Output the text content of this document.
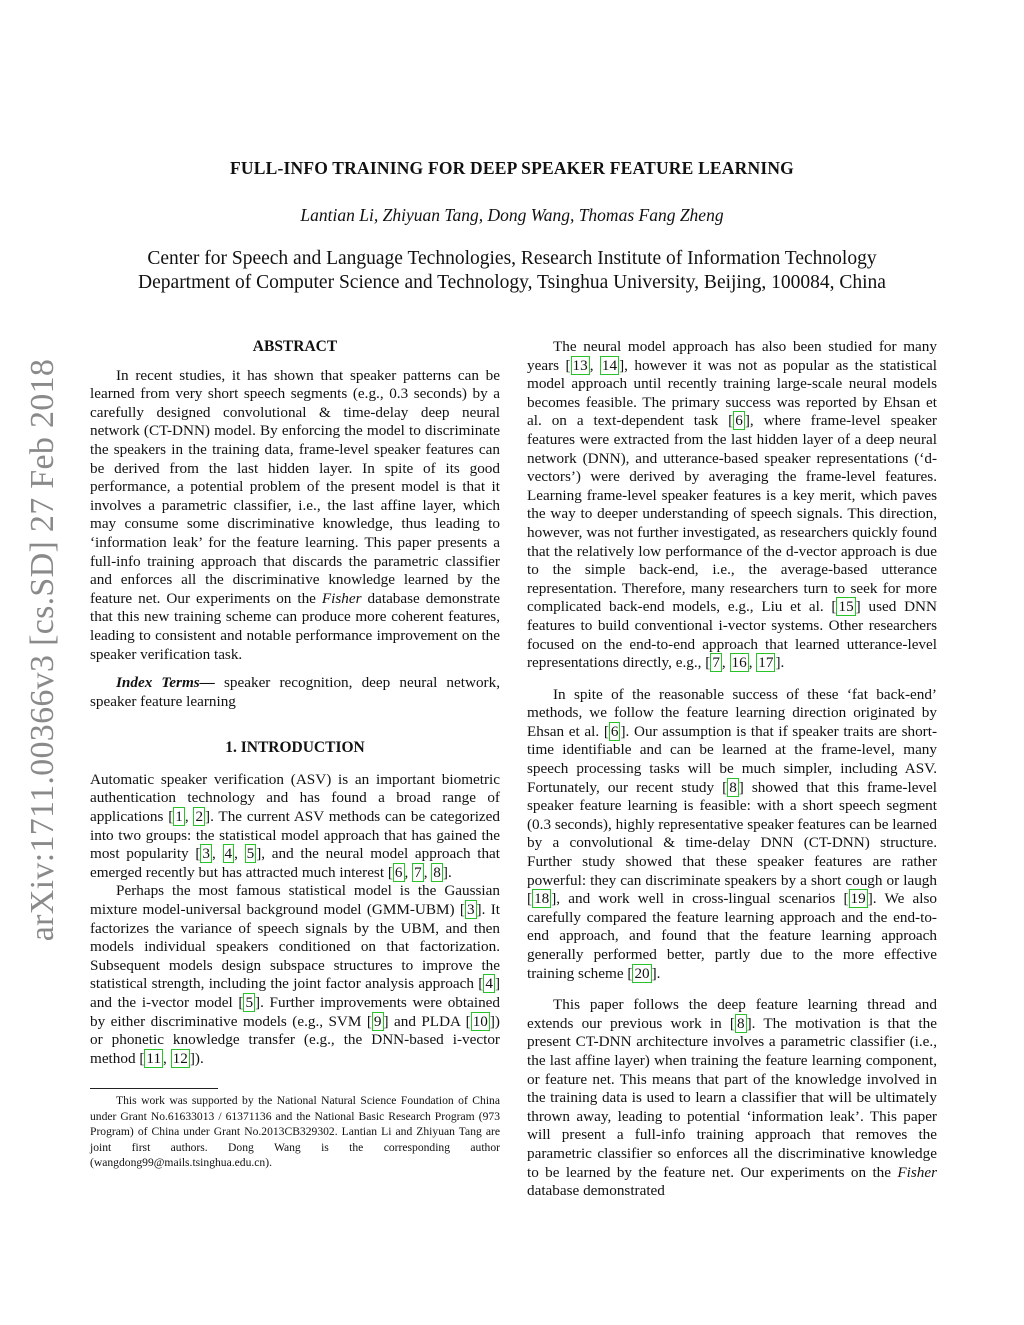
arXiv:1711.00366v3 [cs.SD] 27 Feb 2018
FULL-INFO TRAINING FOR DEEP SPEAKER FEATURE LEARNING
Lantian Li, Zhiyuan Tang, Dong Wang, Thomas Fang Zheng
Center for Speech and Language Technologies, Research Institute of Information Technology
Department of Computer Science and Technology, Tsinghua University, Beijing, 100084, China

ABSTRACT

In recent studies, it has shown that speaker patterns can be learned from very short speech segments (e.g., 0.3 seconds) by a carefully designed convolutional & time-delay deep neural network (CT-DNN) model. By enforcing the model to discriminate the speakers in the training data, frame-level speaker features can be derived from the last hidden layer. In spite of its good performance, a potential problem of the present model is that it involves a parametric classifier, i.e., the last affine layer, which may consume some discriminative knowledge, thus leading to ‘information leak’ for the feature learning. This paper presents a full-info training approach that discards the parametric classifier and enforces all the discriminative knowledge learned by the feature net. Our experiments on the Fisher database demonstrate that this new training scheme can produce more coherent features, leading to consistent and notable performance improvement on the speaker verification task.

Index Terms— speaker recognition, deep neural network, speaker feature learning

1. INTRODUCTION

Automatic speaker verification (ASV) is an important biometric authentication technology and has found a broad range of applications [ 1 , 2 ]. The current ASV methods can be categorized into two groups: the statistical model approach that has gained the most popularity [ 3 , 4 , 5 ], and the neural model approach that emerged recently but has attracted much interest [ 6 , 7 , 8 ].

Perhaps the most famous statistical model is the Gaussian mixture model-universal background model (GMM-UBM) [ 3 ]. It factorizes the variance of speech signals by the UBM, and then models individual speakers conditioned on that factorization. Subsequent models design subspace structures to improve the statistical strength, including the joint factor analysis approach [ 4 ] and the i-vector model [ 5 ]. Further improvements were obtained by either discriminative models (e.g., SVM [ 9 ] and PLDA [ 10 ]) or phonetic knowledge transfer (e.g., the DNN-based i-vector method [ 11 , 12 ]).

This work was supported by the National Natural Science Foundation of China under Grant No.61633013 / 61371136 and the National Basic Research Program (973 Program) of China under Grant No.2013CB329302. Lantian Li and Zhiyuan Tang are joint first authors. Dong Wang is the corresponding author (wangdong99@mails.tsinghua.edu.cn).

The neural model approach has also been studied for many years [ 13 , 14 ], however it was not as popular as the statistical model approach until recently training large-scale neural models becomes feasible. The primary success was reported by Ehsan et al. on a text-dependent task [ 6 ], where frame-level speaker features were extracted from the last hidden layer of a deep neural network (DNN), and utterance-based speaker representations (‘d-vectors’) were derived by averaging the frame-level features. Learning frame-level speaker features is a key merit, which paves the way to deeper understanding of speech signals. This direction, however, was not further investigated, as researchers quickly found that the relatively low performance of the d-vector approach is due to the simple back-end, i.e., the average-based utterance representation. Therefore, many researchers turn to seek for more complicated back-end models, e.g., Liu et al. [ 15 ] used DNN features to build conventional i-vector systems. Other researchers focused on the end-to-end approach that learned utterance-level representations directly, e.g., [ 7 , 16 , 17 ].

In spite of the reasonable success of these ‘fat back-end’ methods, we follow the feature learning direction originated by Ehsan et al. [ 6 ]. Our assumption is that if speaker traits are short-time identifiable and can be learned at the frame-level, many speech processing tasks will be much simpler, including ASV. Fortunately, our recent study [ 8 ] showed that this frame-level speaker feature learning is feasible: with a short speech segment (0.3 seconds), highly representative speaker features can be learned by a convolutional & time-delay DNN (CT-DNN) structure. Further study showed that these speaker features are rather powerful: they can discriminate speakers by a short cough or laugh [ 18 ], and work well in cross-lingual scenarios [ 19 ]. We also carefully compared the feature learning approach and the end-to-end approach, and found that the feature learning approach generally performed better, partly due to the more effective training scheme [ 20 ].

This paper follows the deep feature learning thread and extends our previous work in [ 8 ]. The motivation is that the present CT-DNN architecture involves a parametric classifier (i.e., the last affine layer) when training the feature learning component, or feature net. This means that part of the knowledge involved in the training data is used to learn a classifier that will be ultimately thrown away, leading to potential ‘information leak’. This paper will present a full-info training approach that removes the parametric classifier so enforces all the discriminative knowledge to be learned by the feature net. Our experiments on the Fisher database demonstrated
